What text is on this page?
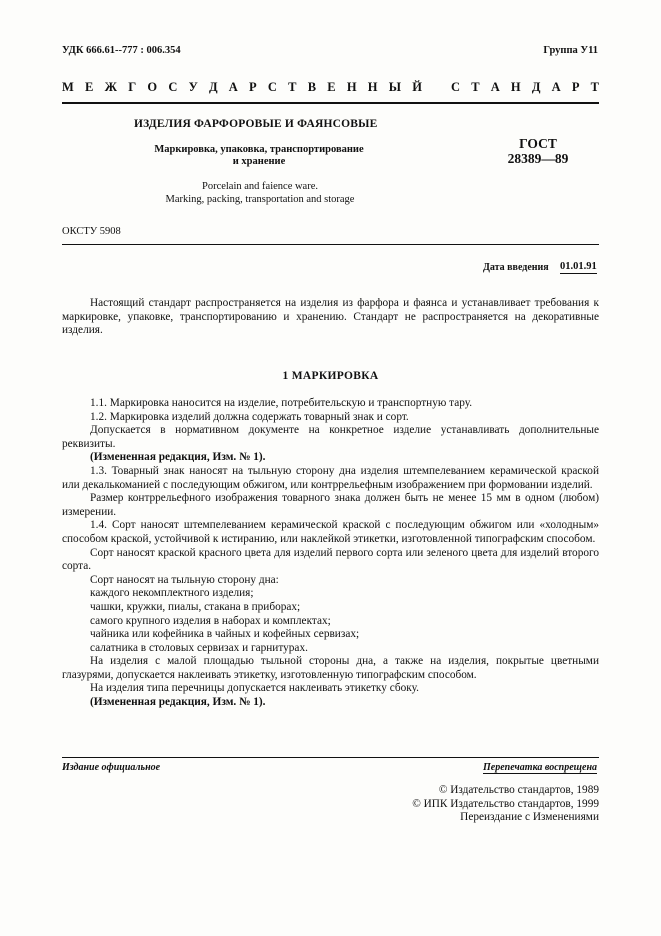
УДК 666.61--777 : 006.354	Группа У11
М Е Ж Г О С У Д А Р С Т В Е Н Н Ы Й С Т А Н Д А Р Т
ИЗДЕЛИЯ ФАРФОРОВЫЕ И ФАЯНСОВЫЕ
Маркировка, упаковка, транспортирование
и хранение
ГОСТ
28389—89
Porcelain and faience ware.
Marking, packing, transportation and storage
ОКСТУ 5908
Дата введения 01.01.91
Настоящий стандарт распространяется на изделия из фарфора и фаянса и устанавливает требования к маркировке, упаковке, транспортированию и хранению. Стандарт не распространяется на декоративные изделия.
1 МАРКИРОВКА

1.1. Маркировка наносится на изделие, потребительскую и транспортную тару.

1.2. Маркировка изделий должна содержать товарный знак и сорт.

Допускается в нормативном документе на конкретное изделие устанавливать дополнительные реквизиты.

(Измененная редакция, Изм. № 1).

1.3. Товарный знак наносят на тыльную сторону дна изделия штемпелеванием керамической краской или декалькоманией с последующим обжигом, или контррельефным изображением при формовании изделий.

Размер контррельефного изображения товарного знака должен быть не менее 15 мм в одном (любом) измерении.

1.4. Сорт наносят штемпелеванием керамической краской с последующим обжигом или «холодным» способом краской, устойчивой к истиранию, или наклейкой этикетки, изготовленной типографским способом.

Сорт наносят краской красного цвета для изделий первого сорта или зеленого цвета для изделий второго сорта.

Сорт наносят на тыльную сторону дна:

каждого некомплектного изделия;

чашки, кружки, пиалы, стакана в приборах;

самого крупного изделия в наборах и комплектах;

чайника или кофейника в чайных и кофейных сервизах;

салатника в столовых сервизах и гарнитурах.

На изделия с малой площадью тыльной стороны дна, а также на изделия, покрытые цветными глазурями, допускается наклеивать этикетку, изготовленную типографским способом.

На изделия типа перечницы допускается наклеивать этикетку сбоку.

(Измененная редакция, Изм. № 1).

Издание официальное	Перепечатка воспрещена
© Издательство стандартов, 1989
© ИПК Издательство стандартов, 1999
Переиздание с Изменениями
